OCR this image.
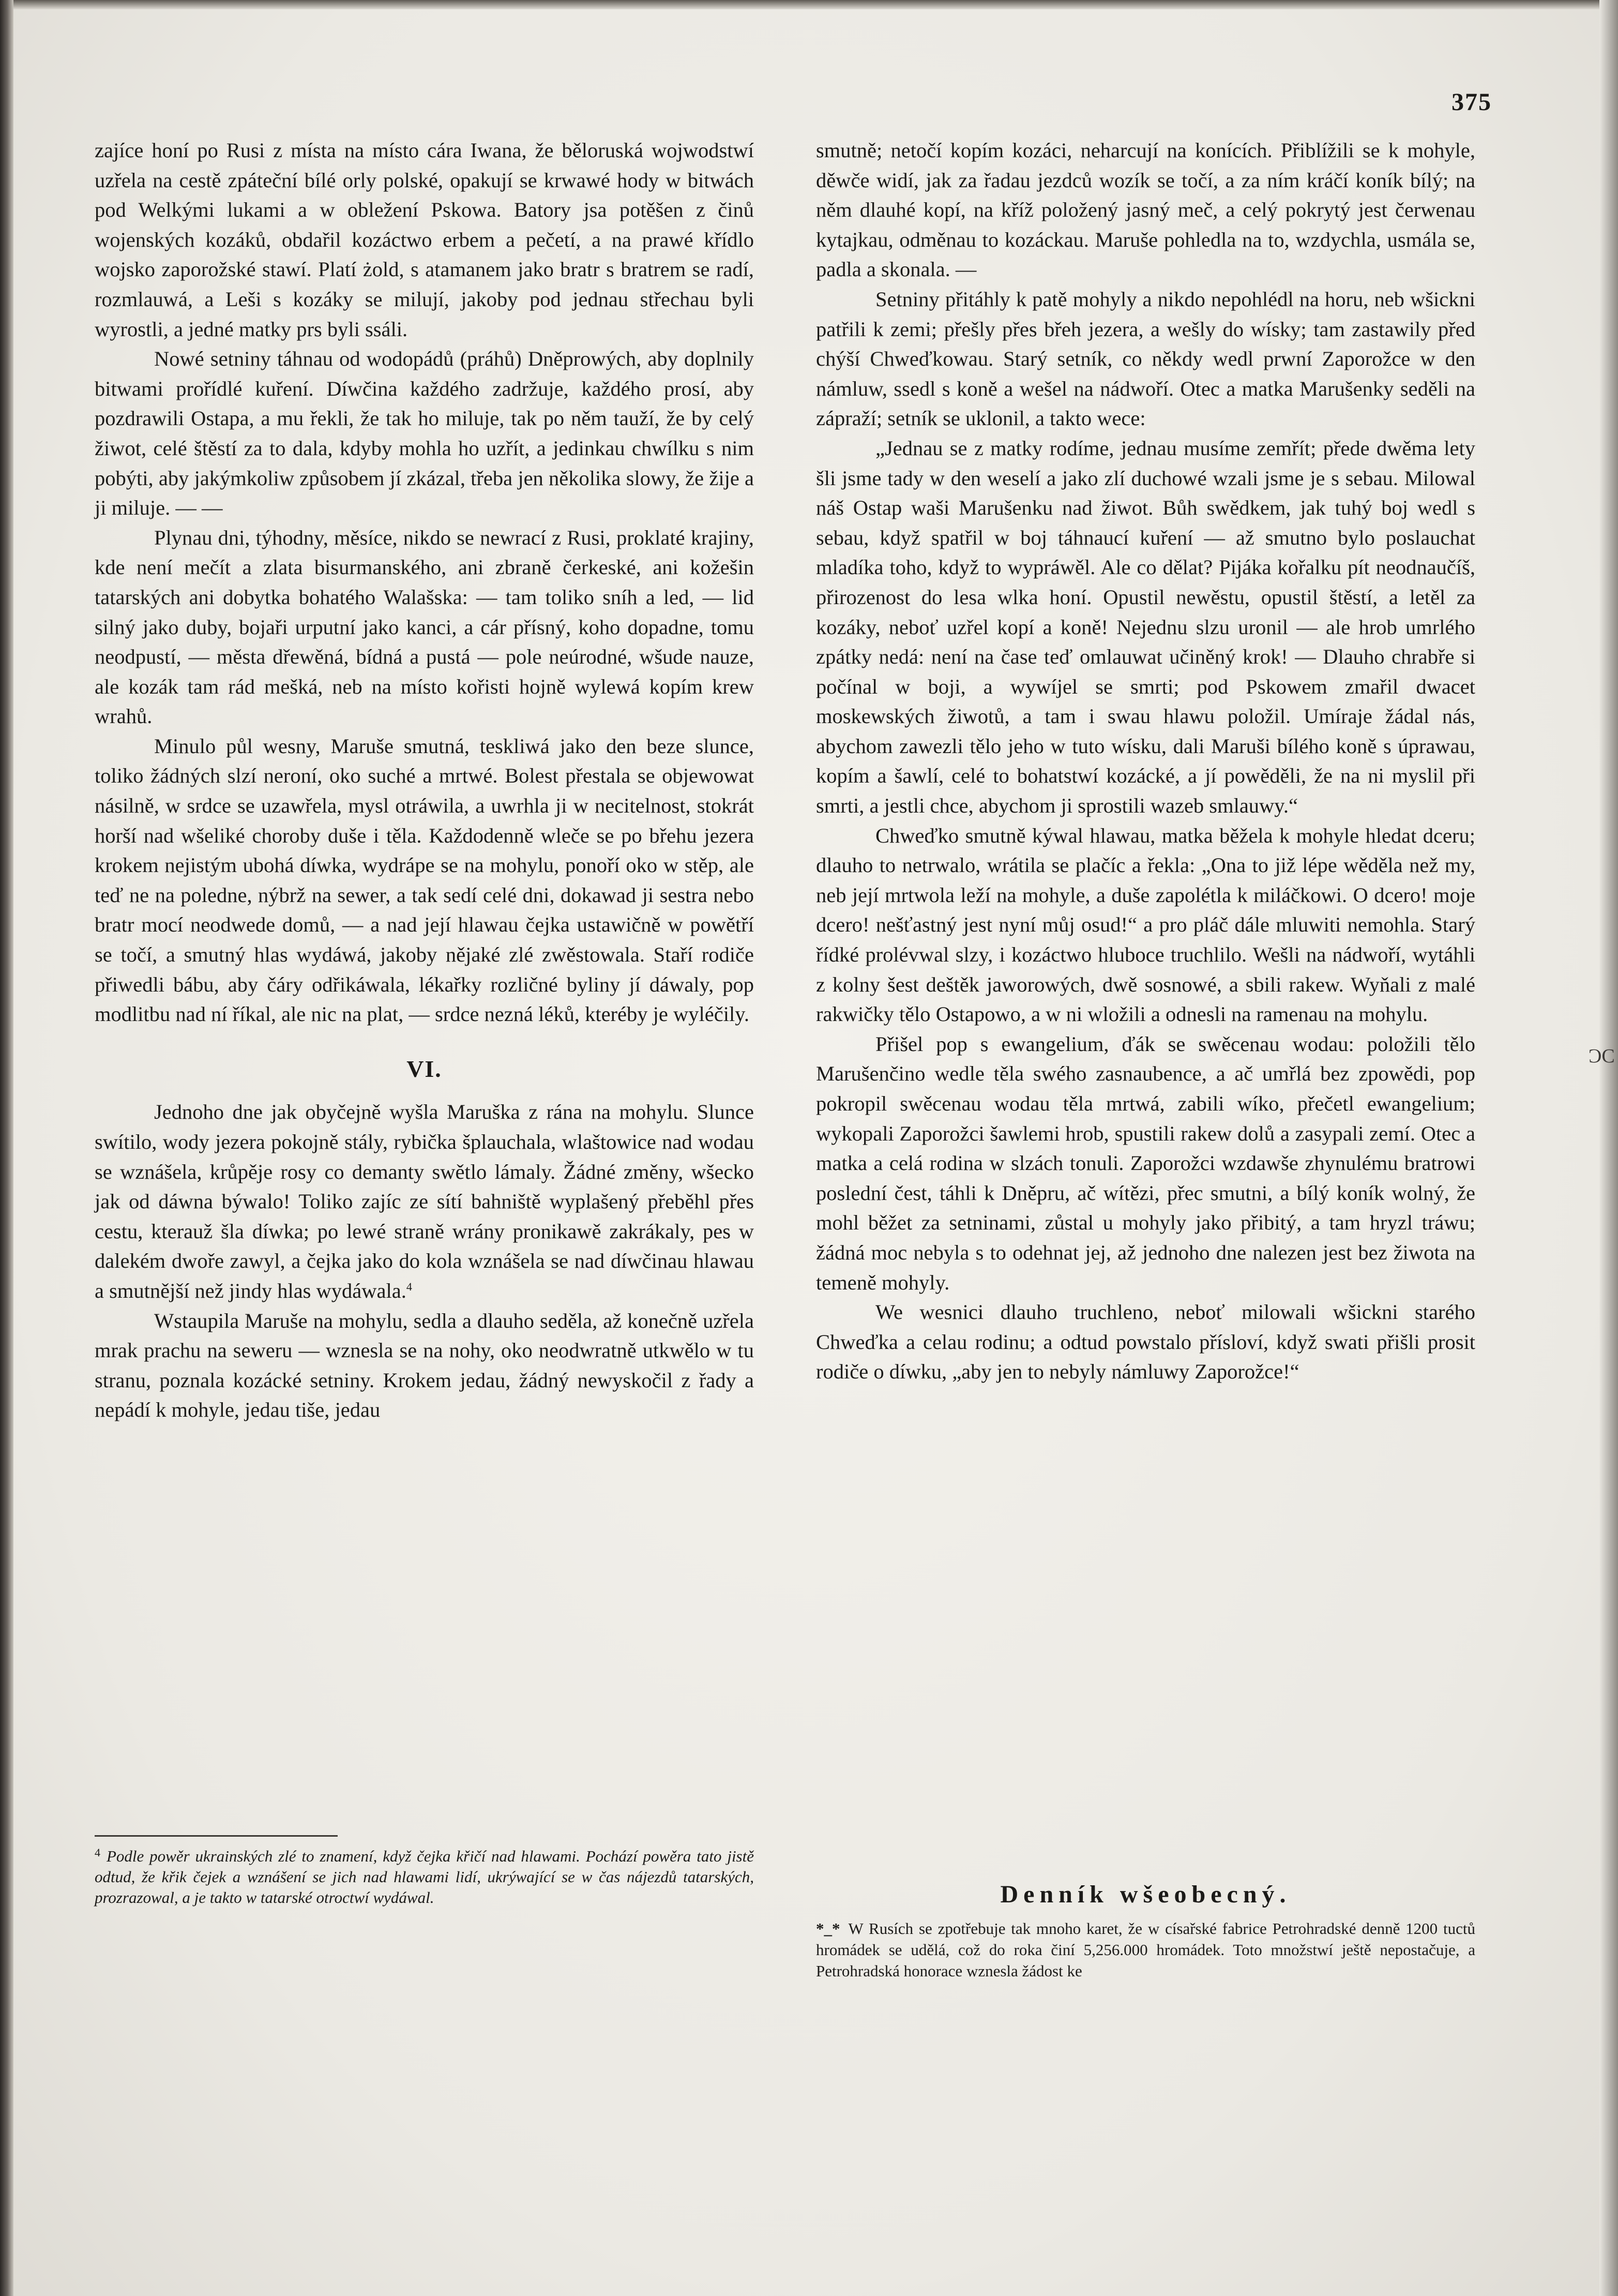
375

zajíce honí po Rusi z místa na místo cára Iwana, že běloruská wojwodstwí uzřela na cestě zpáteční bílé orly polské, opakují se krwawé hody w bitwách pod Welkými lukami a w obležení Pskowa. Batory jsa potěšen z činů wojenských kozáků, obdařil kozáctwo erbem a pečetí, a na prawé křídlo wojsko zaporožské stawí. Platí żold, s atamanem jako bratr s bratrem se radí, rozmlauwá, a Leši s kozáky se milují, jakoby pod jednau střechau byli wyrostli, a jedné matky prs byli ssáli.

Nowé setniny táhnau od wodopádů (práhů) Dněprowých, aby doplnily bitwami prořídlé kuření. Díwčina každého zadržuje, každého prosí, aby pozdrawili Ostapa, a mu řekli, že tak ho miluje, tak po něm tauží, že by celý žiwot, celé štěstí za to dala, kdyby mohla ho uzřít, a jedinkau chwílku s nim pobýti, aby jakýmkoliw způsobem jí zkázal, třeba jen několika slowy, že žije a ji miluje. — —

Plynau dni, týhodny, měsíce, nikdo se newrací z Rusi, proklaté krajiny, kde není mečít a zlata bisurmanského, ani zbraně čerkeské, ani kožešin tatarských ani dobytka bohatého Walašska: — tam toliko sníh a led, — lid silný jako duby, bojaři urputní jako kanci, a cár přísný, koho dopadne, tomu neodpustí, — města dřewěná, bídná a pustá — pole neúrodné, wšude nauze, ale kozák tam rád mešká, neb na místo kořisti hojně wylewá kopím krew wrahů.

Minulo půl wesny, Maruše smutná, teskliwá jako den beze slunce, toliko žádných slzí neroní, oko suché a mrtwé. Bolest přestala se objewowat násilně, w srdce se uzawřela, mysl otráwila, a uwrhla ji w necitelnost, stokrát horší nad wšeliké choroby duše i těla. Každodenně wleče se po břehu jezera krokem nejistým ubohá díwka, wydrápe se na mohylu, ponoří oko w stěp, ale teď ne na poledne, nýbrž na sewer, a tak sedí celé dni, dokawad ji sestra nebo bratr mocí neodwede domů, — a nad její hlawau čejka ustawičně w powětří se točí, a smutný hlas wydáwá, jakoby nějaké zlé zwěstowala. Staří rodiče přiwedli bábu, aby čáry odřikáwala, lékařky rozličné byliny jí dáwaly, pop modlitbu nad ní říkal, ale nic na plat, — srdce nezná léků, kteréby je wyléčily.

VI.

Jednoho dne jak obyčejně wyšla Maruška z rána na mohylu. Slunce swítilo, wody jezera pokojně stály, rybička šplauchala, wlaštowice nad wodau se wznášela, krůpěje rosy co demanty swětlo lámaly. Žádné změny, wšecko jak od dáwna býwalo! Toliko zajíc ze sítí bahniště wyplašený přeběhl přes cestu, kterauž šla díwka; po lewé straně wrány pronikawě zakrákaly, pes w dalekém dwoře zawyl, a čejka jako do kola wznášela se nad díwčinau hlawau a smutnější než jindy hlas wydáwala.$^4$

Wstaupila Maruše na mohylu, sedla a dlauho seděla, až konečně uzřela mrak prachu na seweru — wznesla se na nohy, oko neodwratně utkwělo w tu stranu, poznala kozácké setniny. Krokem jedau, žádný newyskočil z řady a nepádí k mohyle, jedau tiše, jedau

smutně; netočí kopím kozáci, neharcují na konících. Přiblížili se k mohyle, děwče widí, jak za řadau jezdců wozík se točí, a za ním kráčí koník bílý; na něm dlauhé kopí, na kříž položený jasný meč, a celý pokrytý jest čerwenau kytajkau, odměnau to kozáckau. Maruše pohledla na to, wzdychla, usmála se, padla a skonala. —

Setniny přitáhly k patě mohyly a nikdo nepohlédl na horu, neb wšickni patřili k zemi; přešly přes břeh jezera, a wešly do wísky; tam zastawily před chýší Chweďkowau. Starý setník, co někdy wedl prwní Zaporožce w den námluw, ssedl s koně a wešel na nádwoří. Otec a matka Marušenky seděli na zápraží; setník se uklonil, a takto wece:

„Jednau se z matky rodíme, jednau musíme zemřít; přede dwěma lety šli jsme tady w den weselí a jako zlí duchowé wzali jsme je s sebau. Milowal náš Ostap waši Marušenku nad žiwot. Bůh swědkem, jak tuhý boj wedl s sebau, když spatřil w boj táhnaucí kuření — až smutno bylo poslauchat mladíka toho, když to wypráwěl. Ale co dělat? Pijáka kořalku pít neodnaučíš, přirozenost do lesa wlka honí. Opustil newěstu, opustil štěstí, a letěl za kozáky, neboť uzřel kopí a koně! Nejednu slzu uronil — ale hrob umrlého zpátky nedá: není na čase teď omlauwat učiněný krok! — Dlauho chrabře si počínal w boji, a wywíjel se smrti; pod Pskowem zmařil dwacet moskewských žiwotů, a tam i swau hlawu položil. Umíraje žádal nás, abychom zawezli tělo jeho w tuto wísku, dali Maruši bílého koně s úprawau, kopím a šawlí, celé to bohatstwí kozácké, a jí powěděli, že na ni myslil při smrti, a jestli chce, abychom ji sprostili wazeb smlauwy.“

Chweďko smutně kýwal hlawau, matka běžela k mohyle hledat dceru; dlauho to netrwalo, wrátila se plačíc a řekla: „Ona to již lépe wěděla než my, neb její mrtwola leží na mohyle, a duše zapolétla k miláčkowi. O dcero! moje dcero! nešťastný jest nyní můj osud!“ a pro pláč dále mluwiti nemohla. Starý řídké prolévwal slzy, i kozáctwo hluboce truchlilo. Wešli na nádwoří, wytáhli z kolny šest deštěk jaworowých, dwě sosnowé, a sbili rakew. Wyňali z malé rakwičky tělo Ostapowo, a w ni wložili a odnesli na ramenau na mohylu.

Přišel pop s ewangelium, ďák se swěcenau wodau: položili tělo Marušenčino wedle těla swého zasnaubence, a ač umřlá bez zpowědi, pop pokropil swěcenau wodau těla mrtwá, zabili wíko, přečetl ewangelium; wykopali Zaporožci šawlemi hrob, spustili rakew dolů a zasypali zemí. Otec a matka a celá rodina w slzách tonuli. Zaporožci wzdawše zhynulému bratrowi poslední čest, táhli k Dněpru, ač wítězi, přec smutni, a bílý koník wolný, že mohl běžet za setninami, zůstal u mohyly jako přibitý, a tam hryzl tráwu; žádná moc nebyla s to odehnat jej, až jednoho dne nalezen jest bez žiwota na temeně mohyly.

We wesnici dlauho truchleno, neboť milowali wšickni starého Chweďka a celau rodinu; a odtud powstalo přísloví, když swati přišli prosit rodiče o díwku, „aby jen to nebyly námluwy Zaporožce!“

$^4$ Podle powěr ukrainských zlé to znamení, když čejka křičí nad hlawami. Pochází powěra tato jistě odtud, že křik čejek a wznášení se jich nad hlawami lidí, ukrýwající se w čas nájezdů tatarských, prozrazowal, a je takto w tatarské otroctwí wydáwal.	Denník wšeobecný.
*_* W Rusích se zpotřebuje tak mnoho karet, že w císařské fabrice Petrohradské denně 1200 tuctů hromádek se udělá, což do roka činí 5,256.000 hromádek. Toto množstwí ještě nepostačuje, a Petrohradská honorace wznesla žádost ke
ƆC
